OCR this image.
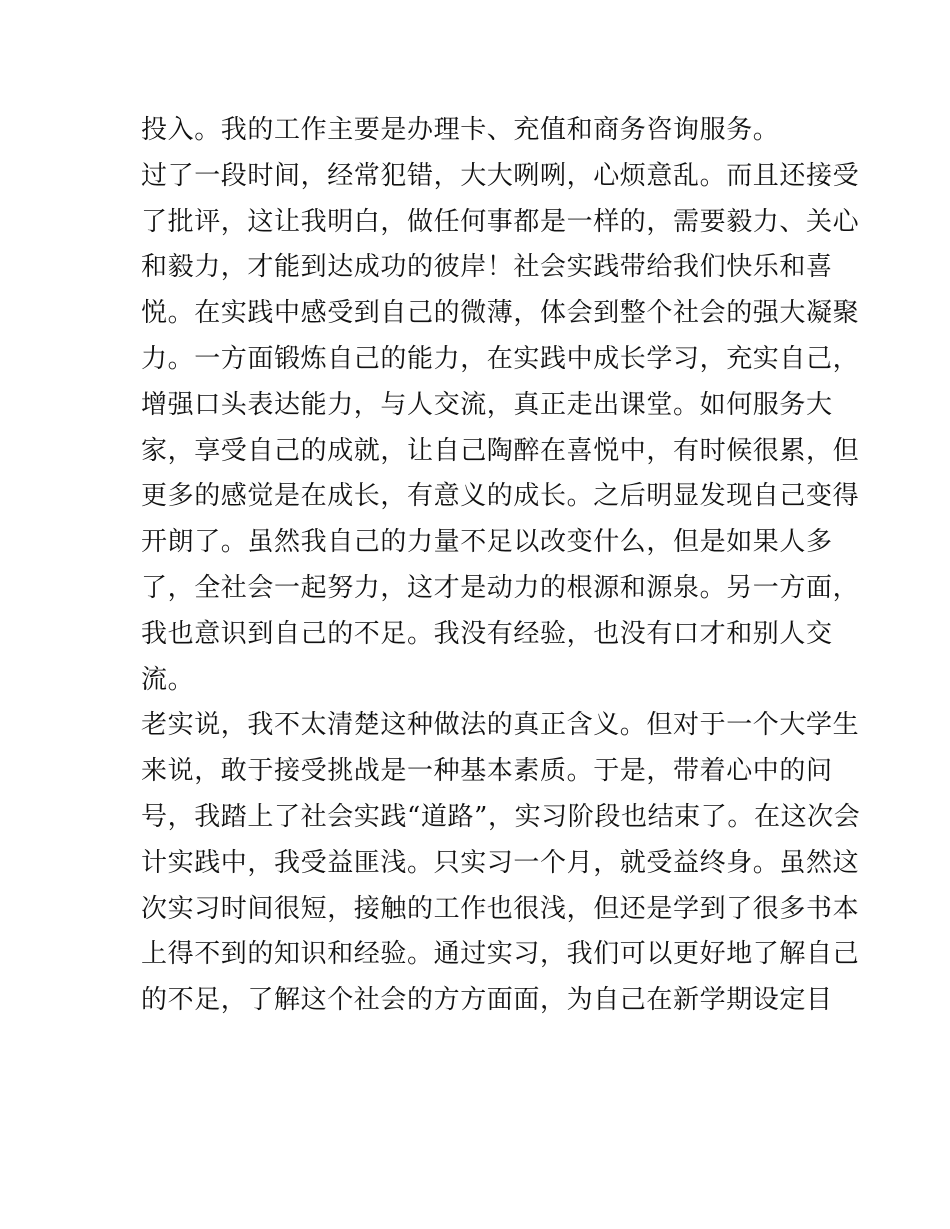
投入。我的工作主要是办理卡、充值和商务咨询服务。
过了一段时间，经常犯错，大大咧咧，心烦意乱。而且还接受
了批评，这让我明白，做任何事都是一样的，需要毅力、关心
和毅力，才能到达成功的彼岸！社会实践带给我们快乐和喜
悦。在实践中感受到自己的微薄，体会到整个社会的强大凝聚
力。一方面锻炼自己的能力，在实践中成长学习，充实自己，
增强口头表达能力，与人交流，真正走出课堂。如何服务大
家，享受自己的成就，让自己陶醉在喜悦中，有时候很累，但
更多的感觉是在成长，有意义的成长。之后明显发现自己变得
开朗了。虽然我自己的力量不足以改变什么，但是如果人多
了，全社会一起努力，这才是动力的根源和源泉。另一方面，
我也意识到自己的不足。我没有经验，也没有口才和别人交
流。
老实说，我不太清楚这种做法的真正含义。但对于一个大学生
来说，敢于接受挑战是一种基本素质。于是，带着心中的问
号，我踏上了社会实践“道路”，实习阶段也结束了。在这次会
计实践中，我受益匪浅。只实习一个月，就受益终身。虽然这
次实习时间很短，接触的工作也很浅，但还是学到了很多书本
上得不到的知识和经验。通过实习，我们可以更好地了解自己
的不足，了解这个社会的方方面面，为自己在新学期设定目
